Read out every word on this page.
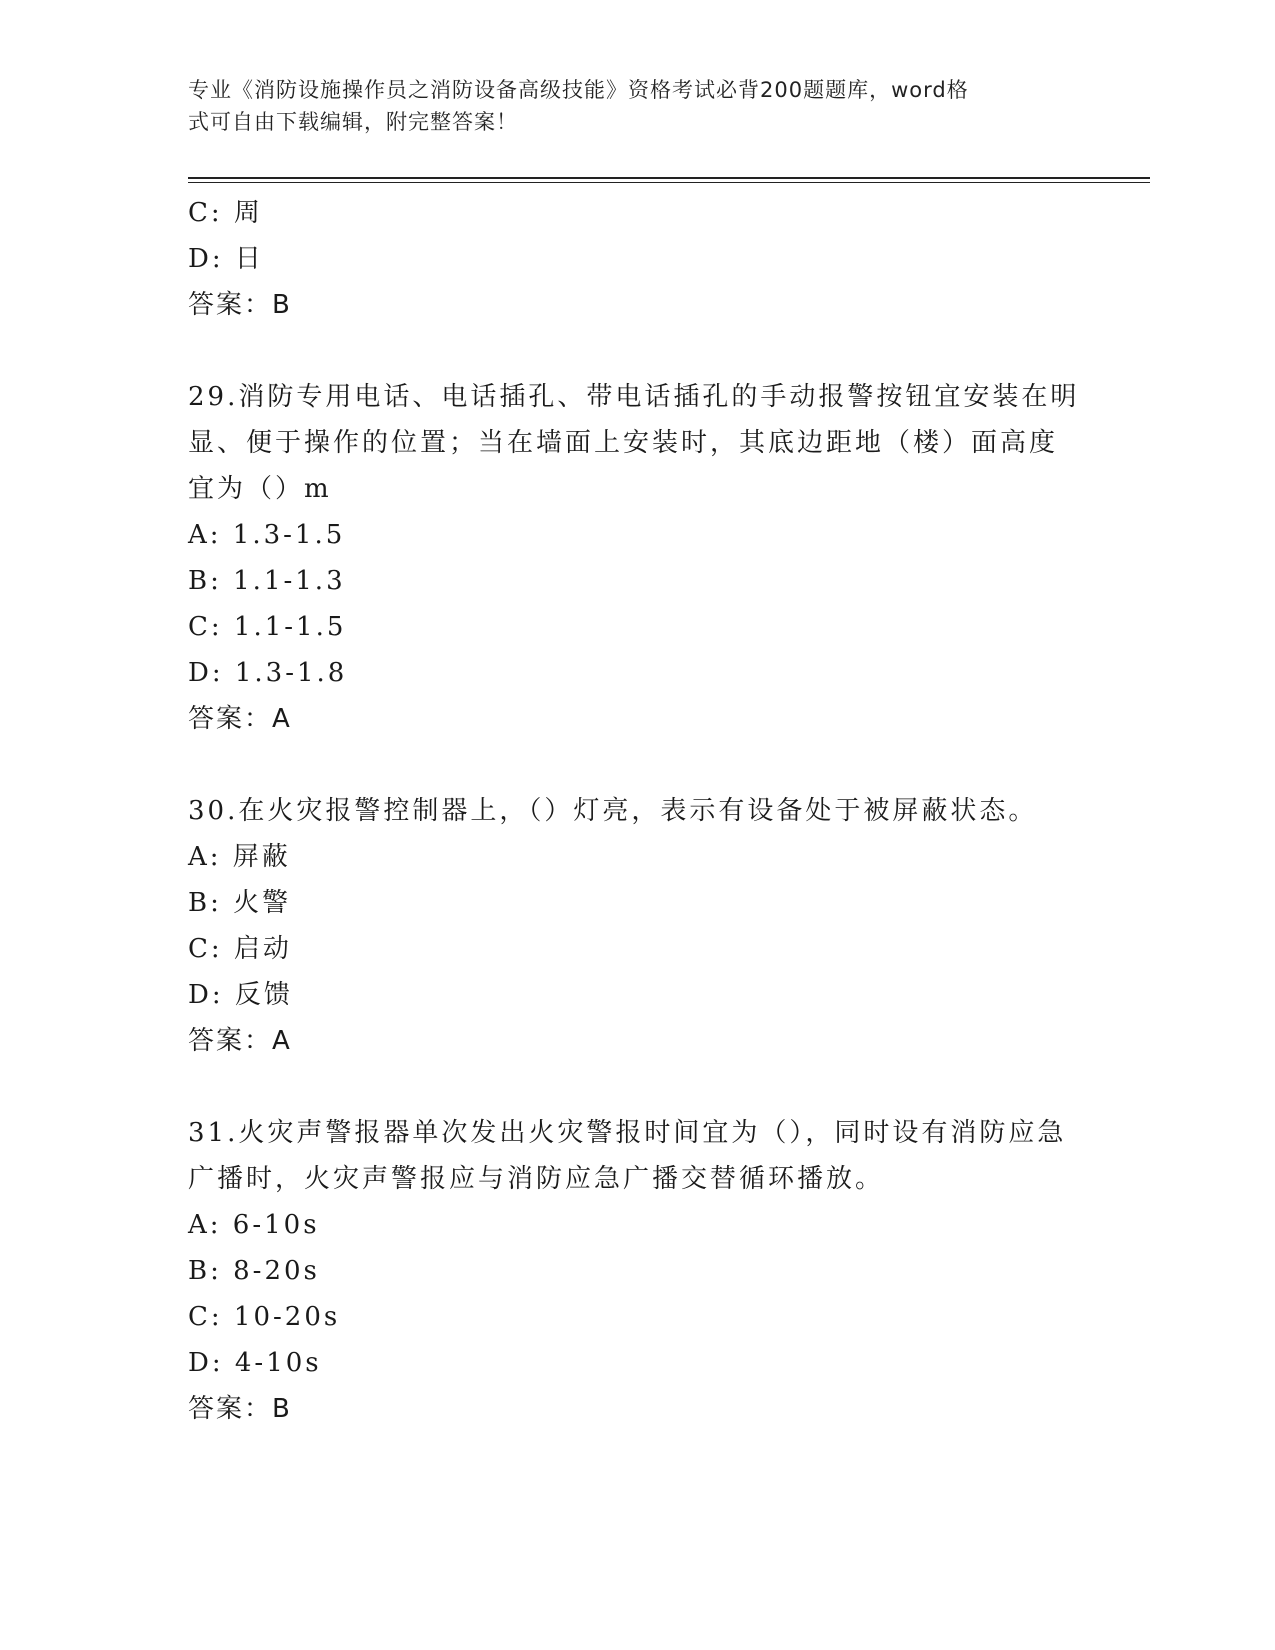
专业《消防设施操作员之消防设备高级技能》资格考试必背200题题库，word格
式可自由下载编辑，附完整答案！
C: 周
D: 日
答案：B
29.消防专用电话、电话插孔、带电话插孔的手动报警按钮宜安装在明
显、便于操作的位置；当在墙面上安装时，其底边距地（楼）面高度
宜为（）m
A: 1.3-1.5
B: 1.1-1.3
C: 1.1-1.5
D: 1.3-1.8
答案：A
30.在火灾报警控制器上，（）灯亮，表示有设备处于被屏蔽状态。
A: 屏蔽
B: 火警
C: 启动
D: 反馈
答案：A
31.火灾声警报器单次发出火灾警报时间宜为（），同时设有消防应急
广播时，火灾声警报应与消防应急广播交替循环播放。
A: 6-10s
B: 8-20s
C: 10-20s
D: 4-10s
答案：B
